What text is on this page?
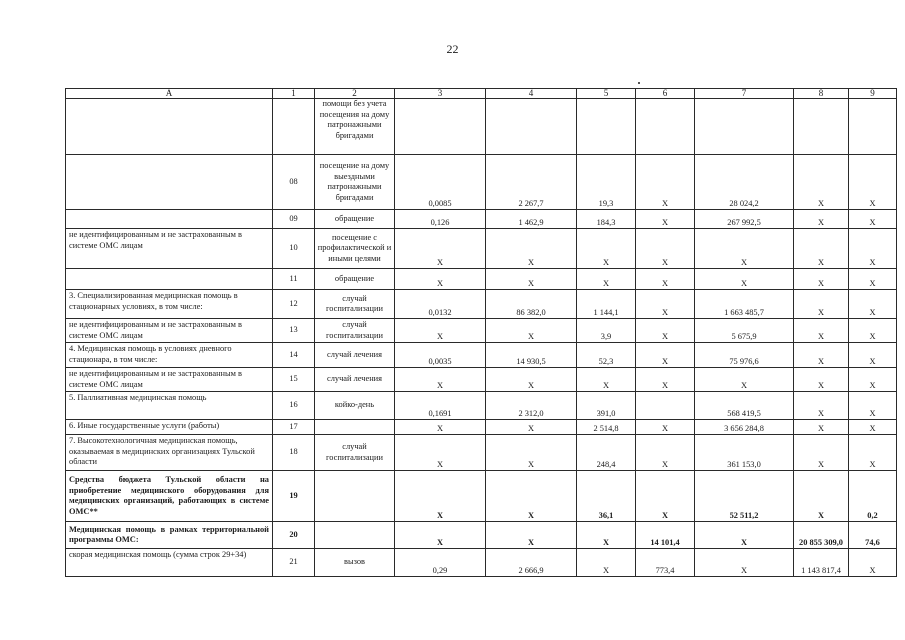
22
А	1	2	3	4	5	6	7	8	9
		помощи без учета посещения на дому патронажными бригадами							
	08	посещение на дому выездными патронажными бригадами	0,0085	2 267,7	19,3	X	28 024,2	X	X
	09	обращение	0,126	1 462,9	184,3	X	267 992,5	X	X
не идентифицированным и не застрахованным в системе ОМС лицам	10	посещение с профилактической и иными целями	X	X	X	X	X	X	X
	11	обращение	X	X	X	X	X	X	X
3. Специализированная медицинская помощь в стационарных условиях, в том числе:	12	случай госпитализации	0,0132	86 382,0	1 144,1	X	1 663 485,7	X	X
не идентифицированным и не застрахованным в системе ОМС лицам	13	случай госпитализации	X	X	3,9	X	5 675,9	X	X
4. Медицинская помощь в условиях дневного стационара, в том числе:	14	случай лечения	0,0035	14 930,5	52,3	X	75 976,6	X	X
не идентифицированным и не застрахованным в системе ОМС лицам	15	случай лечения	X	X	X	X	X	X	X
5. Паллиативная медицинская помощь	16	койко-день	0,1691	2 312,0	391,0		568 419,5	X	X
6. Иные государственные услуги (работы)	17		X	X	2 514,8	X	3 656 284,8	X	X
7. Высокотехнологичная медицинская помощь, оказываемая в медицинских организациях Тульской области	18	случай госпитализации	X	X	248,4	X	361 153,0	X	X
Средства бюджета Тульской области на приобретение медицинского оборудования для медицинских организаций, работающих в системе ОМС**	19		X	X	36,1	X	52 511,2	X	0,2
Медицинская помощь в рамках территориальной программы ОМС:	20		X	X	X	14 101,4	X	20 855 309,0	74,6
скорая медицинская помощь (сумма строк 29+34)	21	вызов	0,29	2 666,9	X	773,4	X	1 143 817,4	X
